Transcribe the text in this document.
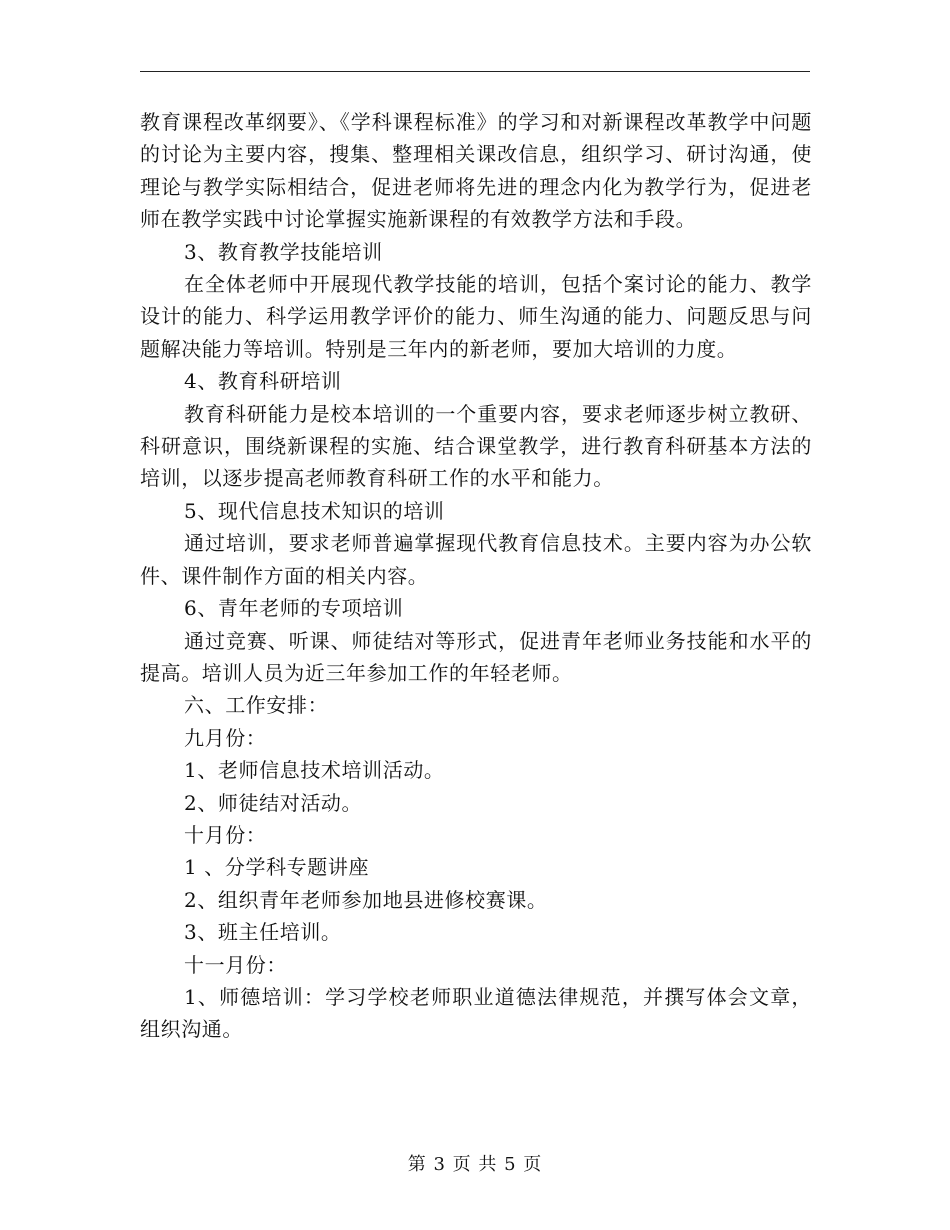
教育课程改革纲要》、《学科课程标准》的学习和对新课程改革教学中问题的讨论为主要内容，搜集、整理相关课改信息，组织学习、研讨沟通，使理论与教学实际相结合，促进老师将先进的理念内化为教学行为，促进老师在教学实践中讨论掌握实施新课程的有效教学方法和手段。

3、教育教学技能培训

在全体老师中开展现代教学技能的培训，包括个案讨论的能力、教学设计的能力、科学运用教学评价的能力、师生沟通的能力、问题反思与问题解决能力等培训。特别是三年内的新老师，要加大培训的力度。

4、教育科研培训

教育科研能力是校本培训的一个重要内容，要求老师逐步树立教研、科研意识，围绕新课程的实施、结合课堂教学，进行教育科研基本方法的培训，以逐步提高老师教育科研工作的水平和能力。

5、现代信息技术知识的培训

通过培训，要求老师普遍掌握现代教育信息技术。主要内容为办公软件、课件制作方面的相关内容。

6、青年老师的专项培训

通过竞赛、听课、师徒结对等形式，促进青年老师业务技能和水平的提高。培训人员为近三年参加工作的年轻老师。

六、工作安排：

九月份：

1、老师信息技术培训活动。

2、师徒结对活动。

十月份：

1 、分学科专题讲座

2、组织青年老师参加地县进修校赛课。

3、班主任培训。

十一月份：

1、师德培训：学习学校老师职业道德法律规范，并撰写体会文章，组织沟通。

第 3 页 共 5 页
